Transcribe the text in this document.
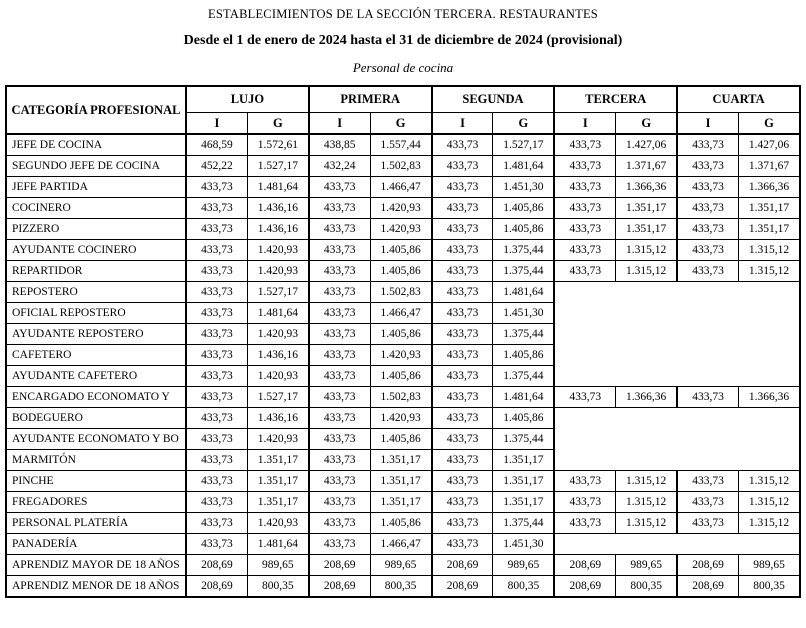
ESTABLECIMIENTOS DE LA SECCIÓN TERCERA. RESTAURANTES
Desde el 1 de enero de 2024 hasta el 31 de diciembre de 2024 (provisional)
Personal de cocina
CATEGORÍA PROFESIONAL	LUJO		PRIMERA		SEGUNDA		TERCERA		CUARTA	
	I	G	I	G	I	G	I	G	I	G
JEFE DE COCINA	468,59	1.572,61	438,85	1.557,44	433,73	1.527,17	433,73	1.427,06	433,73	1.427,06
SEGUNDO JEFE DE COCINA	452,22	1.527,17	432,24	1.502,83	433,73	1.481,64	433,73	1.371,67	433,73	1.371,67
JEFE PARTIDA	433,73	1.481,64	433,73	1.466,47	433,73	1.451,30	433,73	1.366,36	433,73	1.366,36
COCINERO	433,73	1.436,16	433,73	1.420,93	433,73	1.405,86	433,73	1.351,17	433,73	1.351,17
PIZZERO	433,73	1.436,16	433,73	1.420,93	433,73	1.405,86	433,73	1.351,17	433,73	1.351,17
AYUDANTE COCINERO	433,73	1.420,93	433,73	1.405,86	433,73	1.375,44	433,73	1.315,12	433,73	1.315,12
REPARTIDOR	433,73	1.420,93	433,73	1.405,86	433,73	1.375,44	433,73	1.315,12	433,73	1.315,12
REPOSTERO	433,73	1.527,17	433,73	1.502,83	433,73	1.481,64				
OFICIAL REPOSTERO	433,73	1.481,64	433,73	1.466,47	433,73	1.451,30				
AYUDANTE REPOSTERO	433,73	1.420,93	433,73	1.405,86	433,73	1.375,44				
CAFETERO	433,73	1.436,16	433,73	1.420,93	433,73	1.405,86				
AYUDANTE CAFETERO	433,73	1.420,93	433,73	1.405,86	433,73	1.375,44				
ENCARGADO ECONOMATO Y	433,73	1.527,17	433,73	1.502,83	433,73	1.481,64	433,73	1.366,36	433,73	1.366,36
BODEGUERO	433,73	1.436,16	433,73	1.420,93	433,73	1.405,86				
AYUDANTE ECONOMATO Y BO	433,73	1.420,93	433,73	1.405,86	433,73	1.375,44				
MARMITÓN	433,73	1.351,17	433,73	1.351,17	433,73	1.351,17				
PINCHE	433,73	1.351,17	433,73	1.351,17	433,73	1.351,17	433,73	1.315,12	433,73	1.315,12
FREGADORES	433,73	1.351,17	433,73	1.351,17	433,73	1.351,17	433,73	1.315,12	433,73	1.315,12
PERSONAL PLATERÍA	433,73	1.420,93	433,73	1.405,86	433,73	1.375,44	433,73	1.315,12	433,73	1.315,12
PANADERÍA	433,73	1.481,64	433,73	1.466,47	433,73	1.451,30				
APRENDIZ MAYOR DE 18 AÑOS	208,69	989,65	208,69	989,65	208,69	989,65	208,69	989,65	208,69	989,65
APRENDIZ MENOR DE 18 AÑOS	208,69	800,35	208,69	800,35	208,69	800,35	208,69	800,35	208,69	800,35
